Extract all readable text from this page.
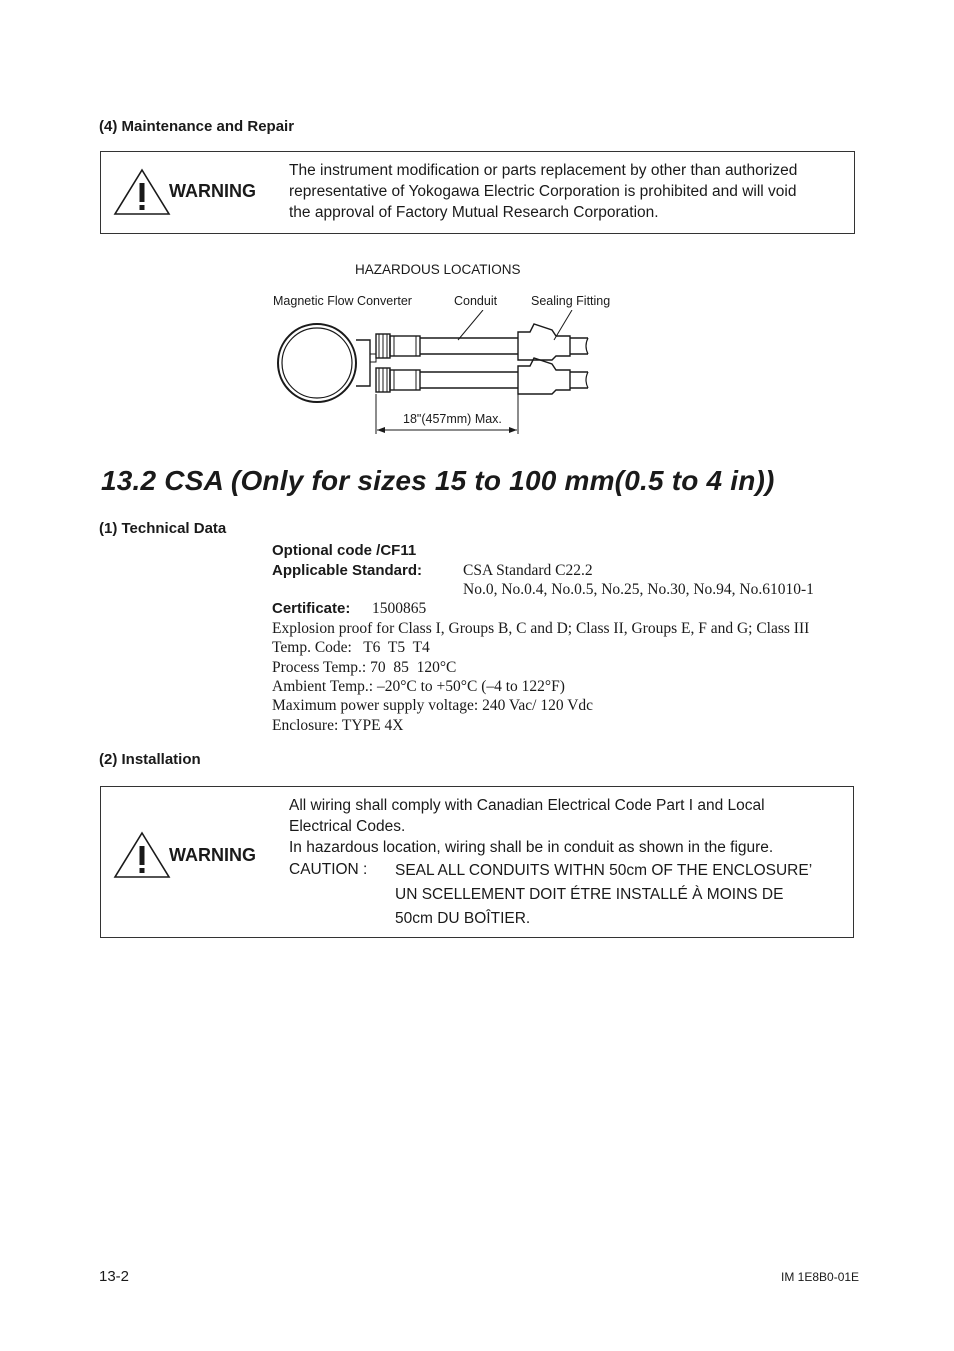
(4) Maintenance and Repair
WARNING
The instrument modification or parts replacement by other than authorized
representative of Yokogawa Electric Corporation is prohibited and will void
the approval of Factory Mutual Research Corporation.
HAZARDOUS LOCATIONS
Magnetic Flow Converter	Conduit	Sealing Fitting
18"(457mm) Max.
13.2 CSA (Only for sizes 15 to 100 mm(0.5 to 4 in))
(1) Technical Data
Optional code /CF11
Applicable Standard:	CSA Standard C22.2
No.0, No.0.4, No.0.5, No.25, No.30, No.94, No.61010-1
Certificate: 1500865
Explosion proof for Class I, Groups B, C and D; Class II, Groups E, F and G; Class III
Temp. Code:   T6  T5  T4
Process Temp.: 70  85  120°C
Ambient Temp.: –20°C to +50°C (–4 to 122°F)
Maximum power supply voltage: 240 Vac/ 120 Vdc
Enclosure: TYPE 4X
(2) Installation
WARNING
All wiring shall comply with Canadian Electrical Code Part I and Local
Electrical Codes.
In hazardous location, wiring shall be in conduit as shown in the figure.
CAUTION : SEAL ALL CONDUITS WITHN 50cm OF THE ENCLOSURE’
UN SCELLEMENT DOIT ÉTRE INSTALLÉ À MOINS DE
50cm DU BOÎTIER.
13-2	IM 1E8B0-01E
